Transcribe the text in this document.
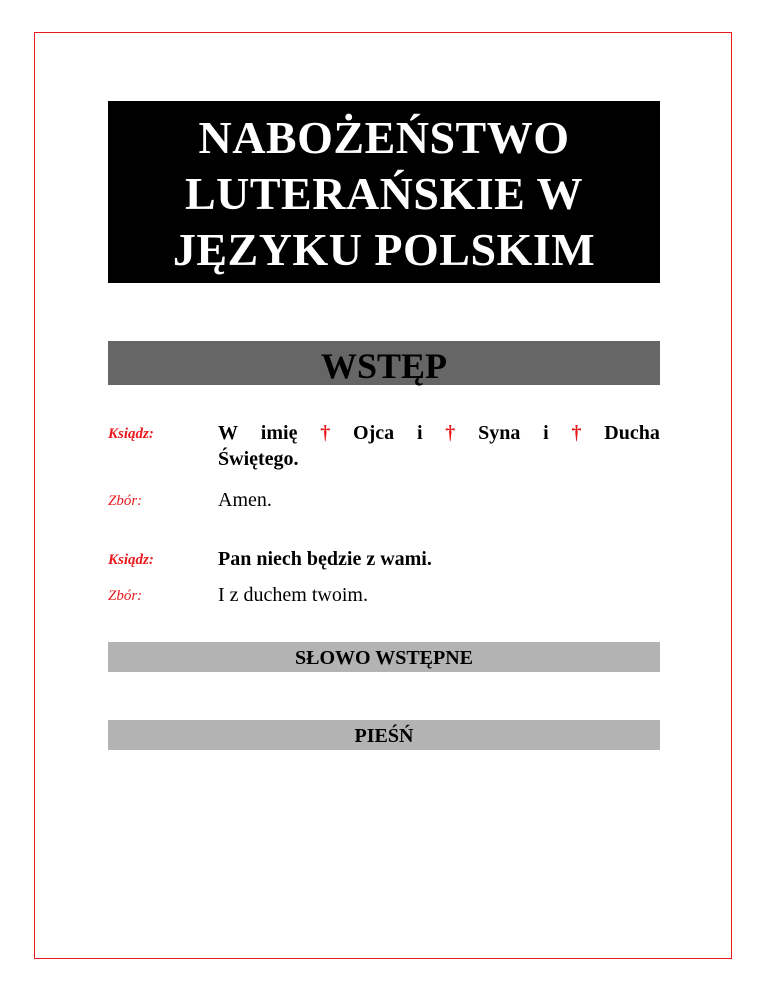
NABOŻEŃSTWO
LUTERAŃSKIE W
JĘZYKU POLSKIM
WSTĘP
Ksiądz:	W imię † Ojca i † Syna i † Ducha
Świętego.
Zbór:	Amen.
Ksiądz:	Pan niech będzie z wami.
Zbór:	I z duchem twoim.
SŁOWO WSTĘPNE
PIEŚŃ
